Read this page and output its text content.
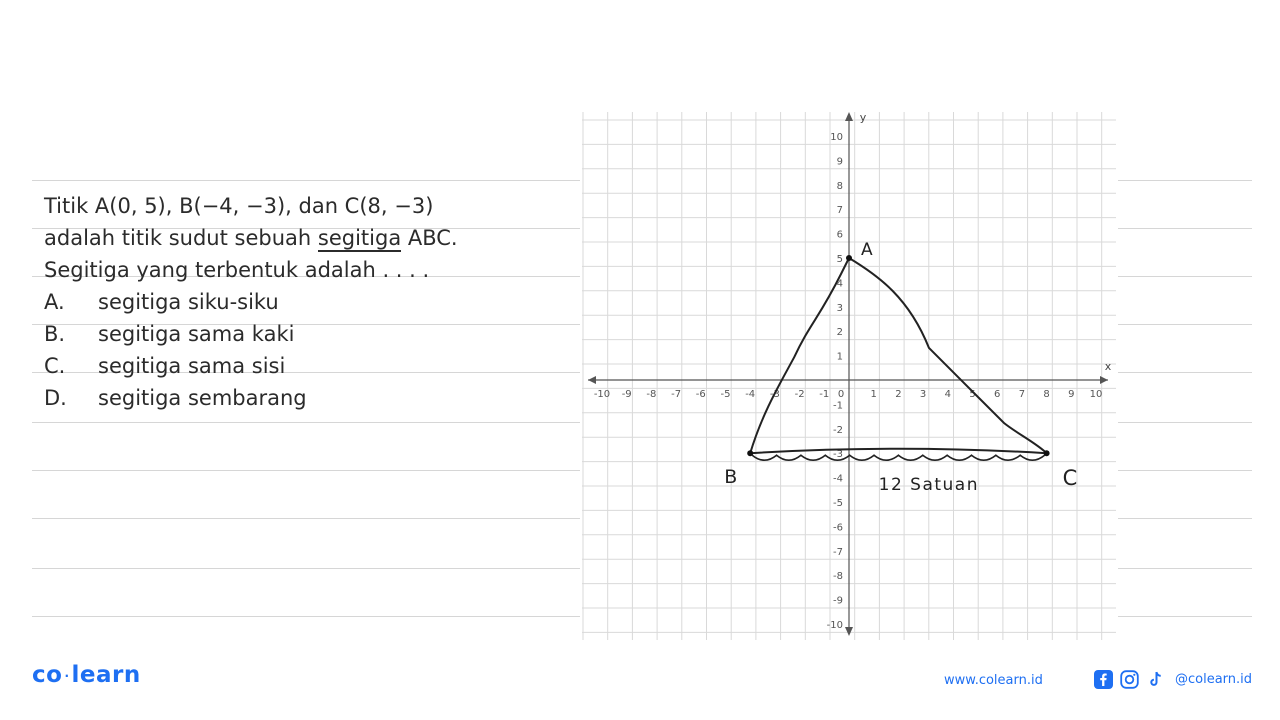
Titik A(0, 5), B(−4, −3), dan C(8, −3)

adalah titik sudut sebuah segitiga ABC.

Segitiga yang terbentuk adalah . . . .

A.	segitiga siku-siku
B.	segitiga sama kaki
C.	segitiga sama sisi
D.	segitiga sembarang
x
y
-10 -9 -8 -7 -6 -5 -4 -3 -2 -1 0	1 2 3 4 5 6 7 8 9 10
10
9
8
7
6
5
4
3
2
1
-1
-2
-3
-4
-5
-6
-7
-8
-9
-10
A
B	C
12 Satuan
co ·learn	www.colearn.id	@colearn.id
